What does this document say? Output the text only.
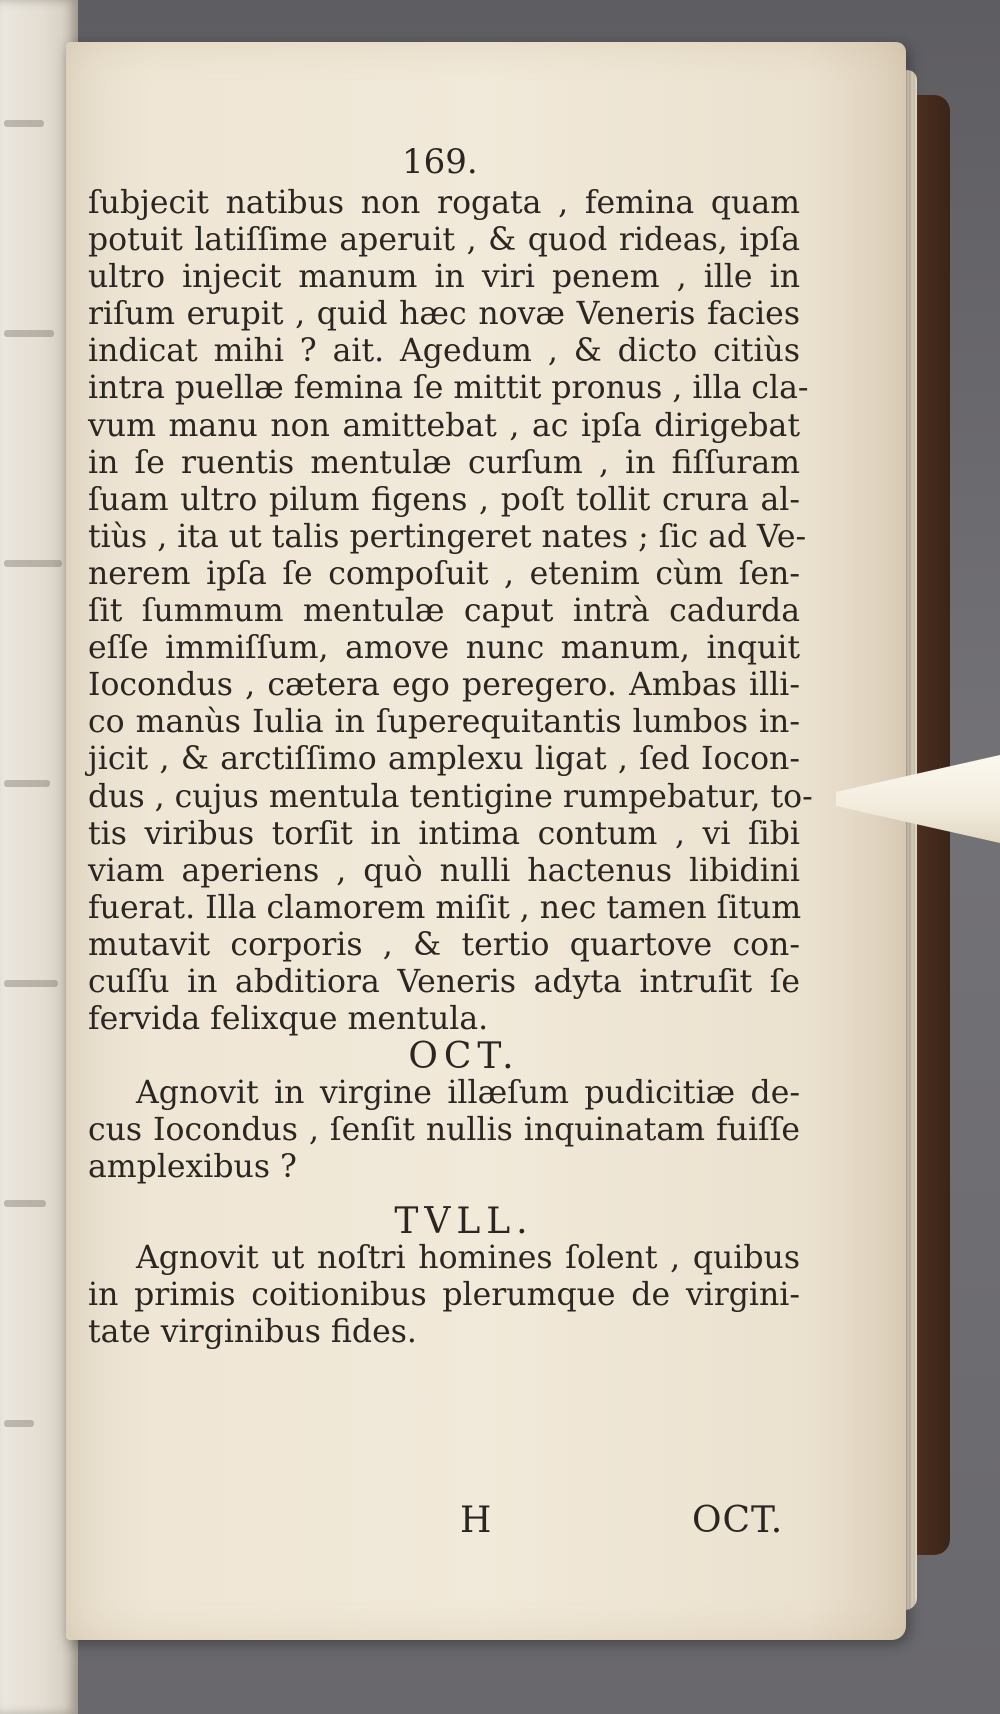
169.
ſubjecit natibus non rogata , femina quam
potuit latiſſime aperuit , & quod rideas, ipſa
ultro injecit manum in viri penem , ille in
riſum erupit , quid hæc novæ Veneris facies
indicat mihi ? ait. Agedum , & dicto citiùs
intra puellæ femina ſe mittit pronus , illa cla-
vum manu non amittebat , ac ipſa dirigebat
in ſe ruentis mentulæ curſum , in fiſſuram
ſuam ultro pilum figens , poſt tollit crura al-
tiùs , ita ut talis pertingeret nates ; ſic ad Ve-
nerem ipſa ſe compoſuit , etenim cùm ſen-
ſit ſummum mentulæ caput intrà cadurda
eſſe immiſſum, amove nunc manum, inquit
Iocondus , cætera ego peregero. Ambas illi-
co manùs Iulia in ſuperequitantis lumbos in-
jicit , & arctiſſimo amplexu ligat , ſed Iocon-
dus , cujus mentula tentigine rumpebatur, to-
tis viribus torſit in intima contum , vi ſibi
viam aperiens , quò nulli hactenus libidini
fuerat. Illa clamorem miſit , nec tamen ſitum
mutavit corporis , & tertio quartove con-
cuſſu in abditiora Veneris adyta intruſit ſe
fervida felixque mentula.
OCT.
Agnovit in virgine illæſum pudicitiæ de-
cus Iocondus , ſenſit nullis inquinatam fuiſſe
amplexibus ?
TVLL.
Agnovit ut noſtri homines ſolent , quibus
in primis coitionibus plerumque de virgini-
tate virginibus fides.
H	OCT.
